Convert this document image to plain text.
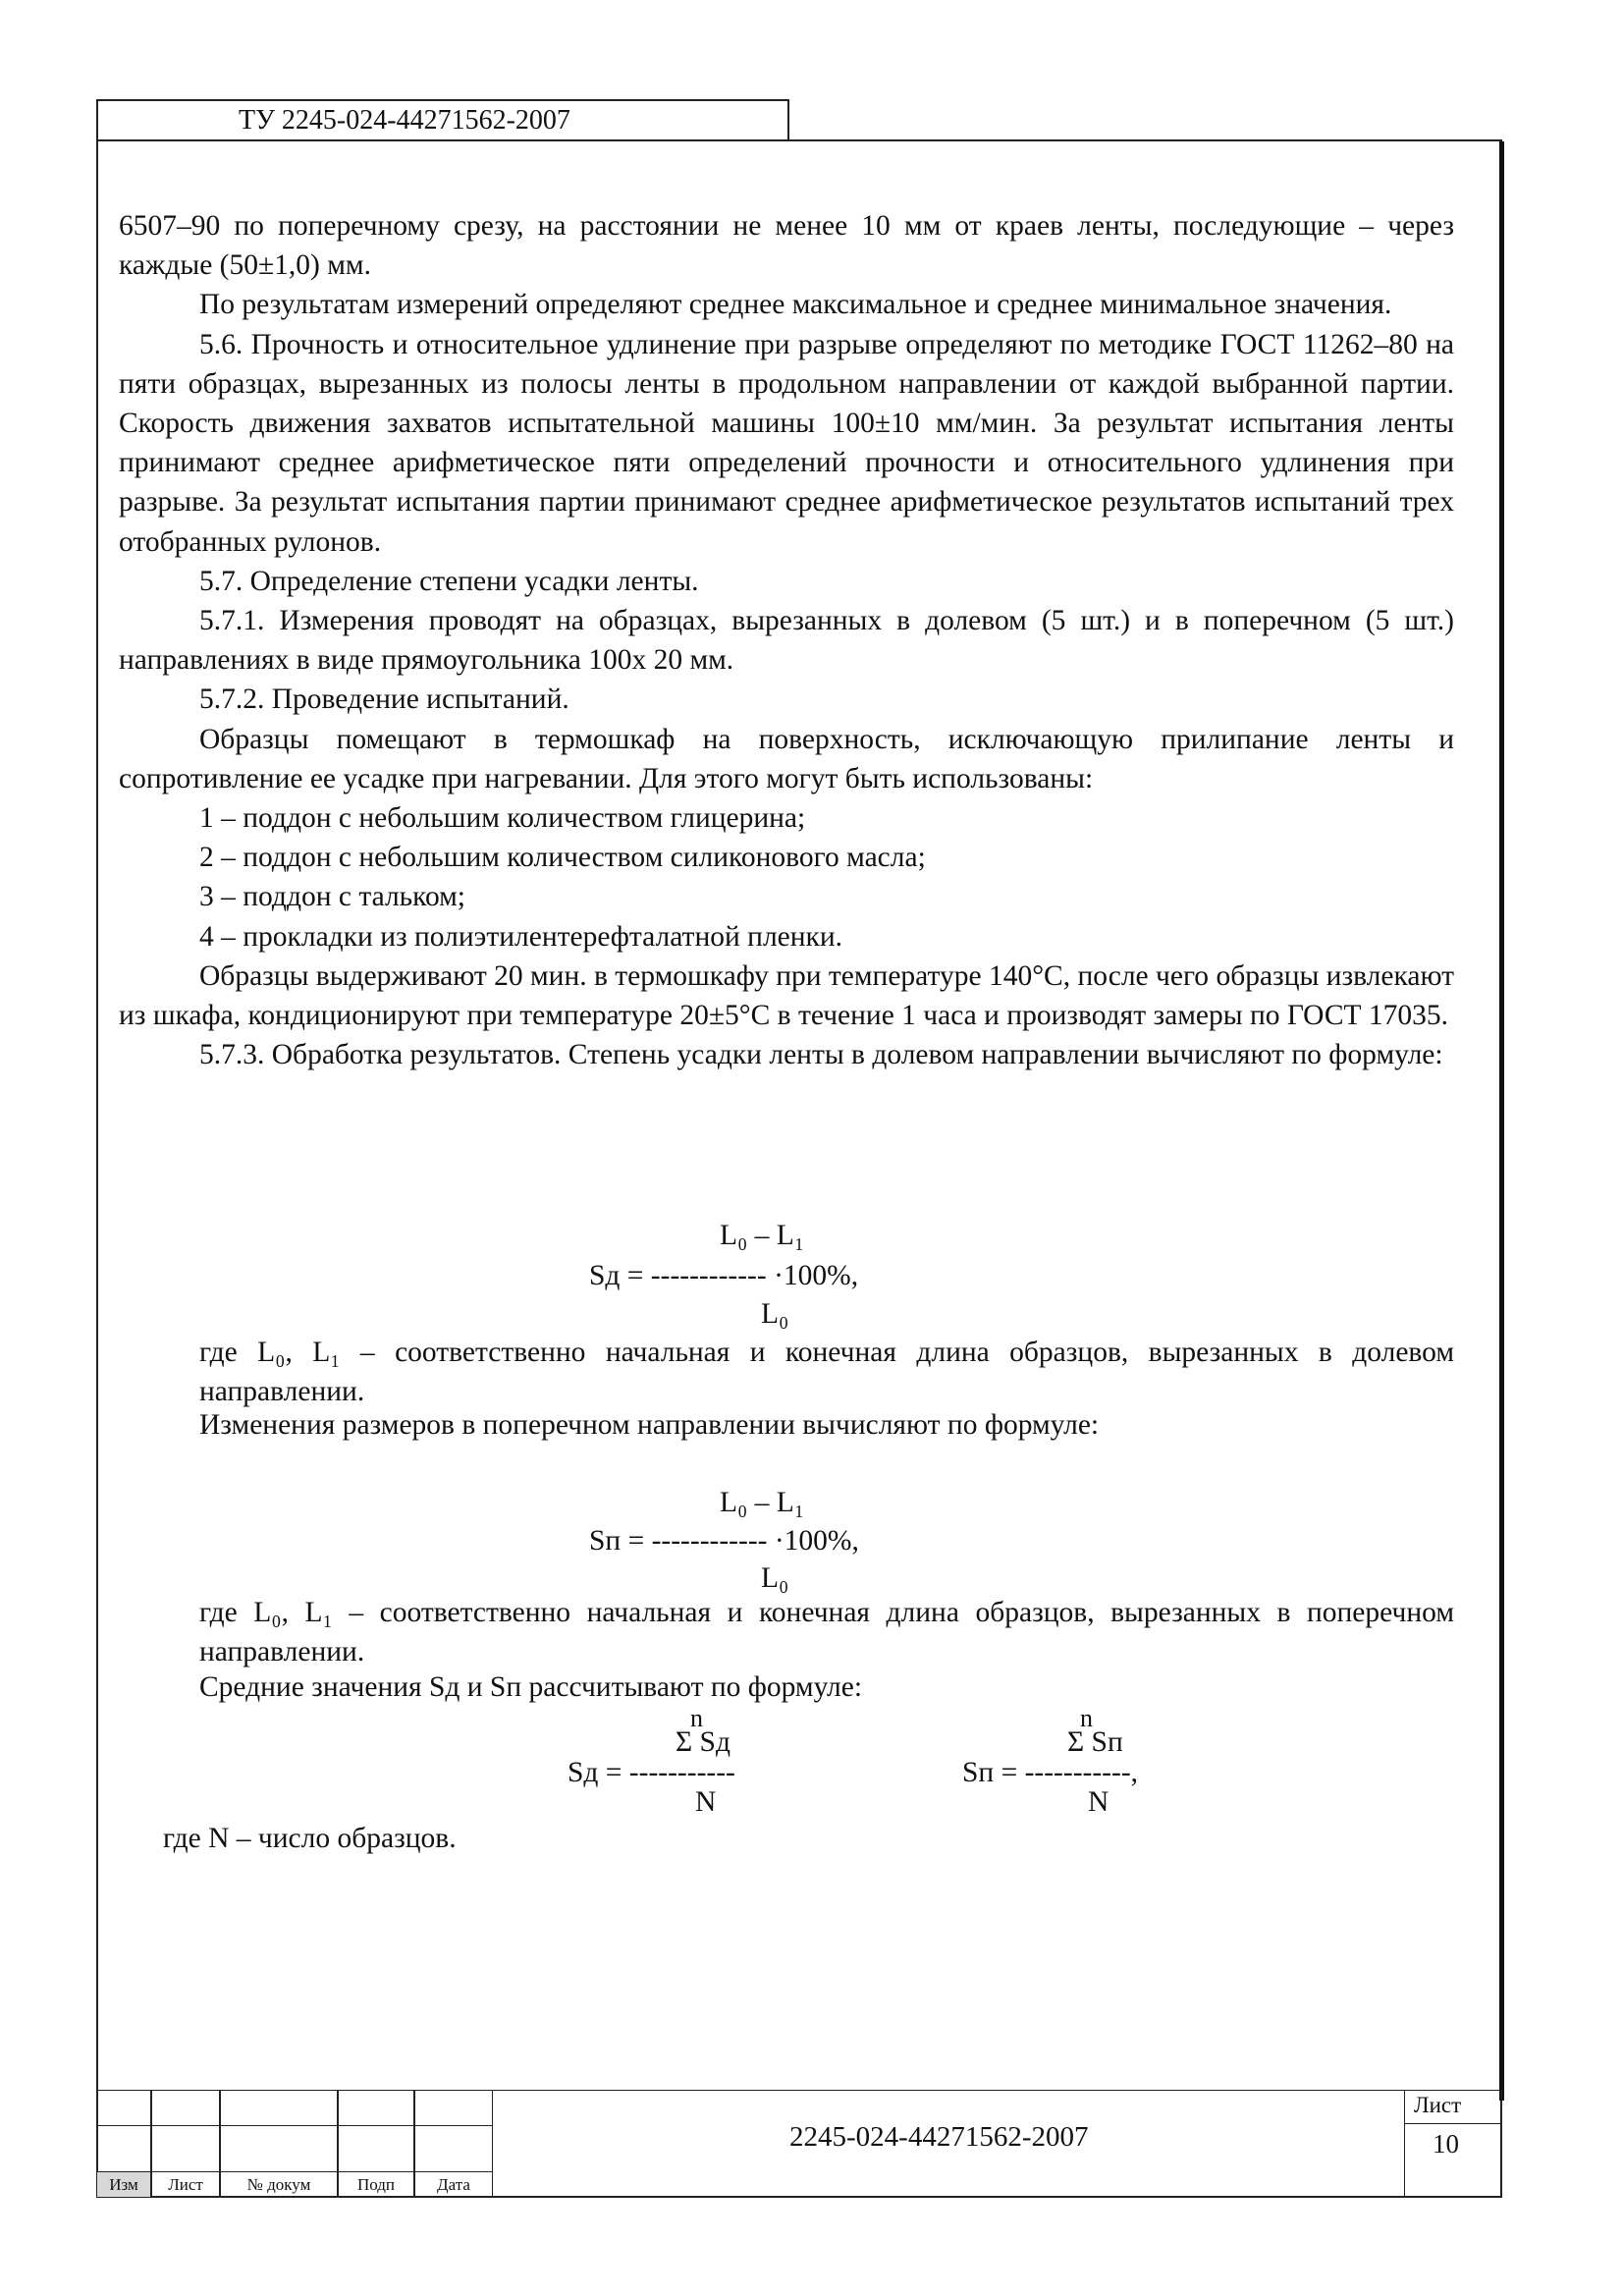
ТУ 2245-024-44271562-2007

6507–90 по поперечному срезу, на расстоянии не менее 10 мм от краев ленты, последующие – через каждые (50±1,0) мм.

По результатам измерений определяют среднее максимальное и среднее минимальное значения.

5.6. Прочность и относительное удлинение при разрыве определяют по методике ГОСТ 11262–80 на пяти образцах, вырезанных из полосы ленты в продольном направлении от каждой выбранной партии. Скорость движения захватов испытательной машины 100±10 мм/мин. За результат испытания ленты принимают среднее арифметическое пяти определений прочности и относительного удлинения при разрыве. За результат испытания партии принимают среднее арифметическое результатов испытаний трех отобранных рулонов.

5.7. Определение степени усадки ленты.

5.7.1. Измерения проводят на образцах, вырезанных в долевом (5 шт.) и в поперечном (5 шт.) направлениях в виде прямоугольника 100х 20 мм.

5.7.2. Проведение испытаний.

Образцы помещают в термошкаф на поверхность, исключающую прилипание ленты и сопротивление ее усадке при нагревании. Для этого могут быть использованы:

1 – поддон с небольшим количеством глицерина;

2 – поддон с небольшим количеством силиконового масла;

3 – поддон с тальком;

4 – прокладки из полиэтилентерефталатной пленки.

Образцы выдерживают 20 мин. в термошкафу при температуре 140°С, после чего образцы извлекают из шкафа, кондиционируют при температуре 20±5°С в течение 1 часа и производят замеры по ГОСТ 17035.

5.7.3. Обработка результатов. Степень усадки ленты в долевом направлении вычисляют по формуле:

L₀ – L₁
Sд = ------------ ·100%,
L₀

где L₀, L₁ – соответственно начальная и конечная длина образцов, вырезанных в долевом направлении.

Изменения размеров в поперечном направлении вычисляют по формуле:

L₀ – L₁
Sп = ------------ ·100%,
L₀

где L₀, L₁ – соответственно начальная и конечная длина образцов, вырезанных в поперечном направлении.

Средние значения Sд и Sп рассчитывают по формуле:

n
Σ Sд
Sд = -----------
N
n
Σ Sп
Sп = -----------,
N

где N – число образцов.

Изм	Лист	№ докум	Подп	Дата
2245-024-44271562-2007
Лист
10
